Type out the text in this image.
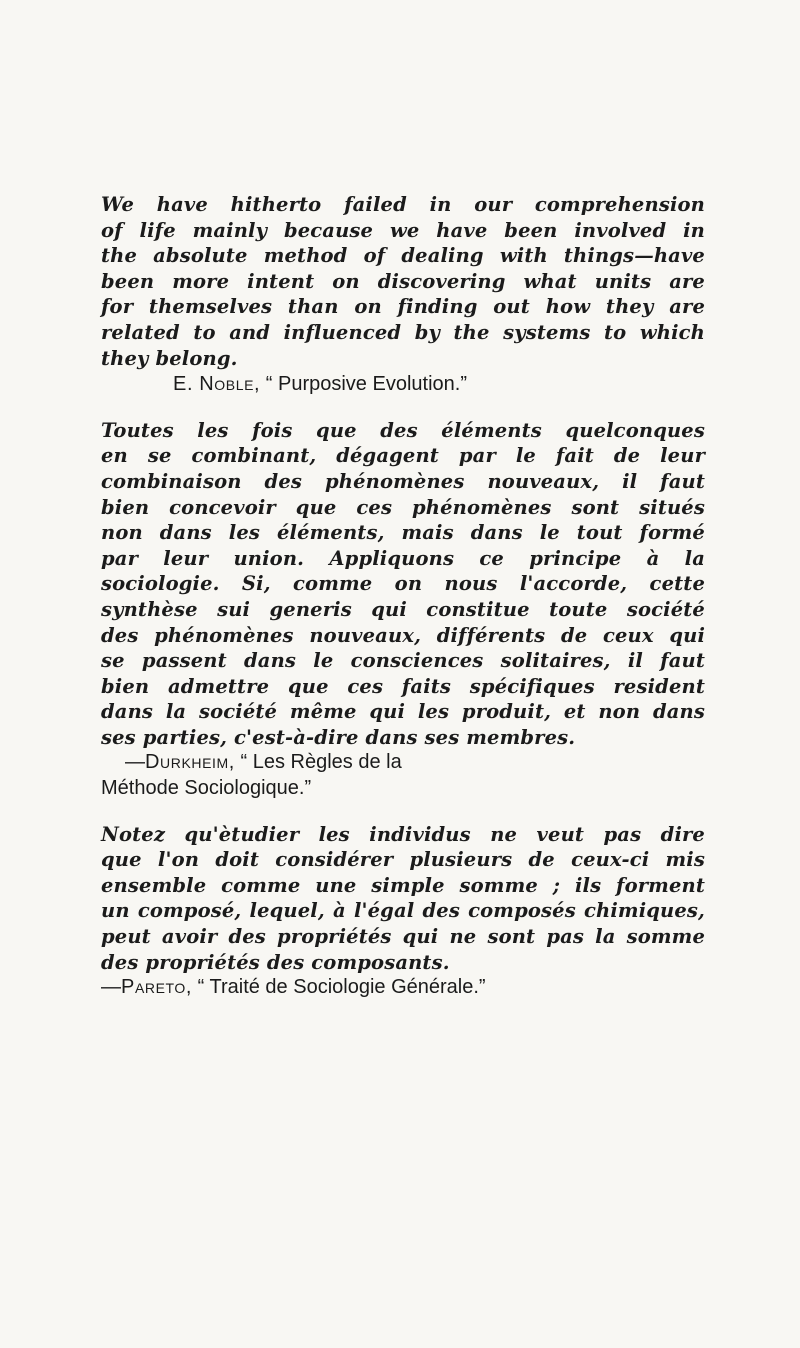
We have hitherto failed in our comprehension
of life mainly because we have been involved in
the absolute method of dealing with things—have
been more intent on discovering what units are
for themselves than on finding out how they are
related to and influenced by the systems to which
they belong.

E. Noble, “ Purposive Evolution.”

Toutes les fois que des éléments quelconques
en se combinant, dégagent par le fait de leur
combinaison des phénomènes nouveaux, il faut
bien concevoir que ces phénomènes sont situés
non dans les éléments, mais dans le tout formé
par leur union. Appliquons ce principe à la
sociologie. Si, comme on nous l'accorde, cette
synthèse sui generis qui constitue toute société
des phénomènes nouveaux, différents de ceux qui
se passent dans le consciences solitaires, il faut
bien admettre que ces faits spécifiques resident
dans la société même qui les produit, et non dans
ses parties, c'est-à-dire dans ses membres.

—Durkheim, “ Les Règles de la
Méthode Sociologique.”

Notez qu'ètudier les individus ne veut pas dire
que l'on doit considérer plusieurs de ceux-ci mis
ensemble comme une simple somme ; ils forment
un composé, lequel, à l'égal des composés chimiques,
peut avoir des propriétés qui ne sont pas la somme
des propriétés des composants.

—Pareto, “ Traité de Sociologie Générale.”
